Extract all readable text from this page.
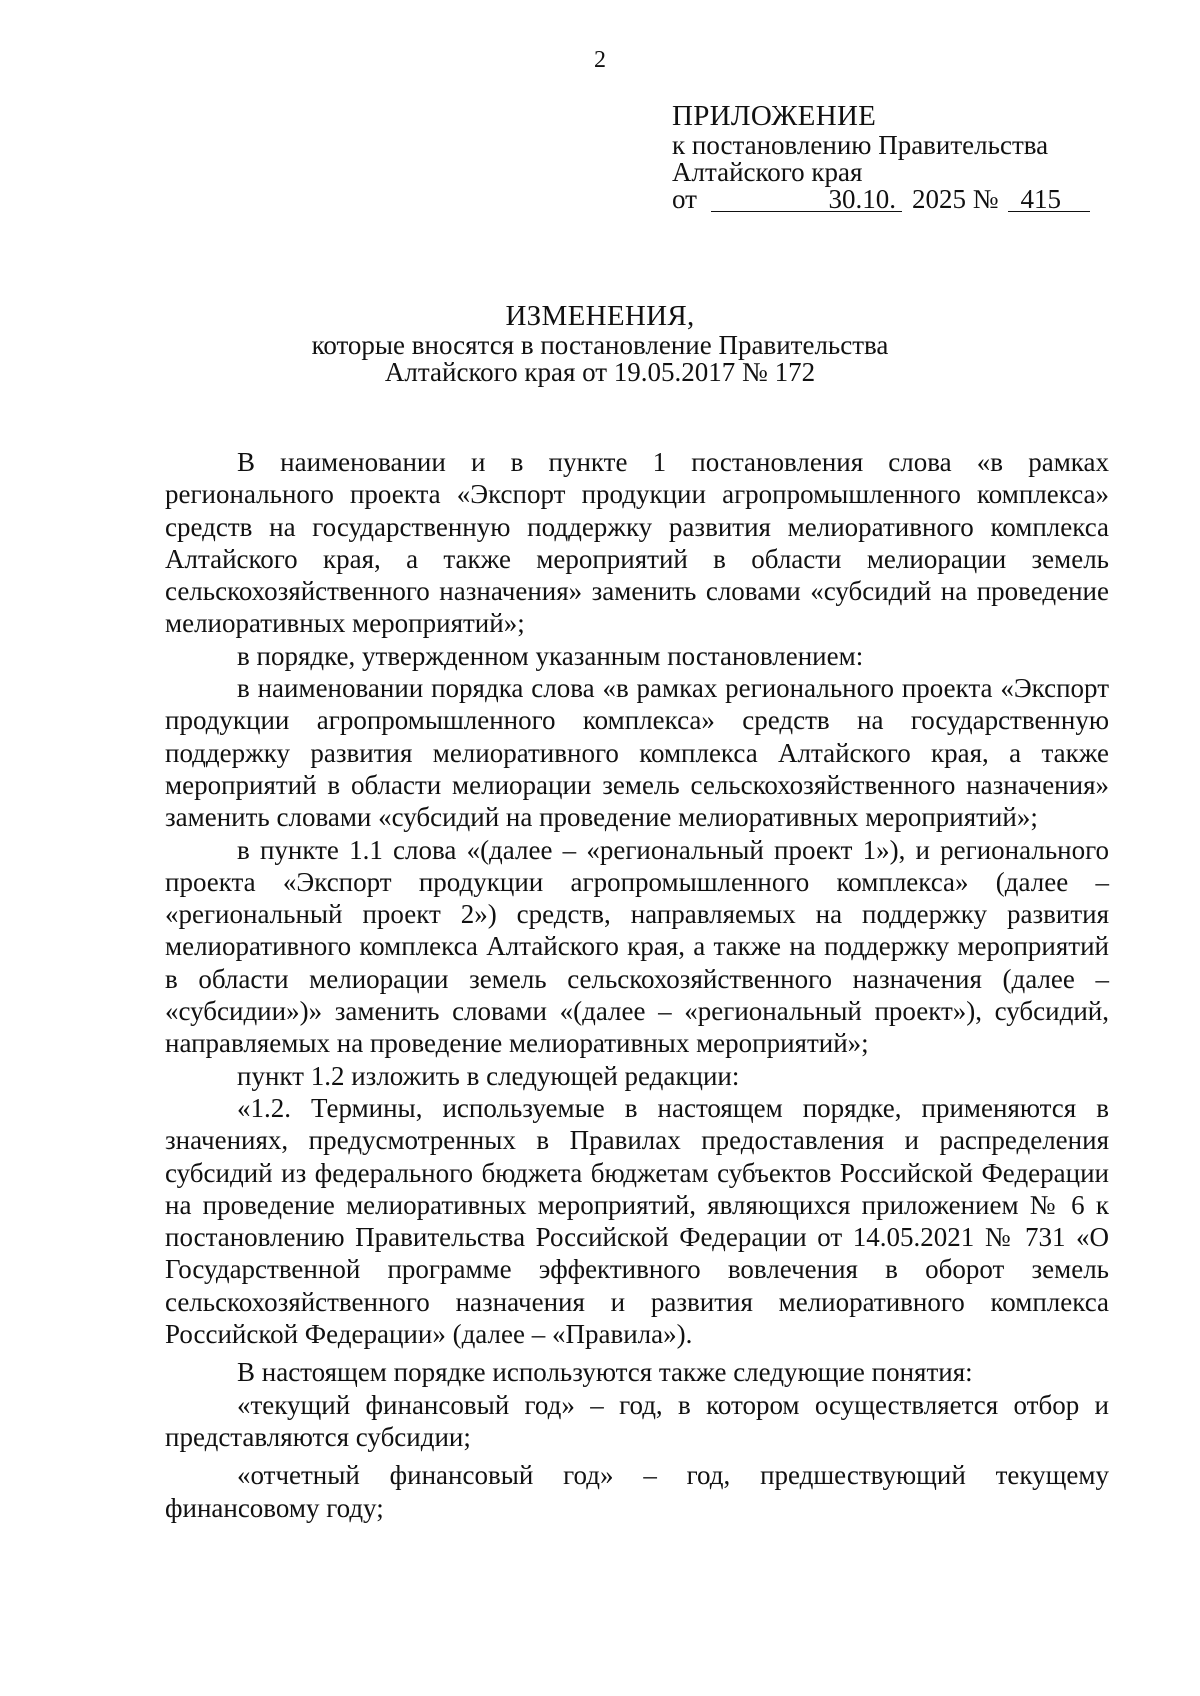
2
ПРИЛОЖЕНИЕ
к постановлению Правительства
Алтайского края
от	30.10. 2025 № 415
ИЗМЕНЕНИЯ,
которые вносятся в постановление Правительства
Алтайского края от 19.05.2017 № 172

В наименовании и в пункте 1 постановления слова «в рамках регионального проекта «Экспорт продукции агропромышленного комплекса» средств на государственную поддержку развития мелиоративного комплекса Алтайского края, а также мероприятий в области мелиорации земель сельскохозяйственного назначения» заменить словами «субсидий на проведение мелиоративных мероприятий»;

в порядке, утвержденном указанным постановлением:

в наименовании порядка слова «в рамках регионального проекта «Экспорт продукции агропромышленного комплекса» средств на государственную поддержку развития мелиоративного комплекса Алтайского края, а также мероприятий в области мелиорации земель сельскохозяйственного назначения» заменить словами «субсидий на проведение мелиоративных мероприятий»;

в пункте 1.1 слова «(далее – «региональный проект 1»), и регионального проекта «Экспорт продукции агропромышленного комплекса» (далее – «региональный проект 2») средств, направляемых на поддержку развития мелиоративного комплекса Алтайского края, а также на поддержку мероприятий в области мелиорации земель сельскохозяйственного назначения (далее – «субсидии»)» заменить словами «(далее – «региональный проект»), субсидий, направляемых на проведение мелиоративных мероприятий»;

пункт 1.2 изложить в следующей редакции:

«1.2. Термины, используемые в настоящем порядке, применяются в значениях, предусмотренных в Правилах предоставления и распределения субсидий из федерального бюджета бюджетам субъектов Российской Федерации на проведение мелиоративных мероприятий, являющихся приложением № 6 к постановлению Правительства Российской Федерации от 14.05.2021 № 731 «О Государственной программе эффективного вовлечения в оборот земель сельскохозяйственного назначения и развития мелиоративного комплекса Российской Федерации» (далее – «Правила»).

В настоящем порядке используются также следующие понятия:

«текущий финансовый год» – год, в котором осуществляется отбор и представляются субсидии;

«отчетный финансовый год» – год, предшествующий текущему финансовому году;
